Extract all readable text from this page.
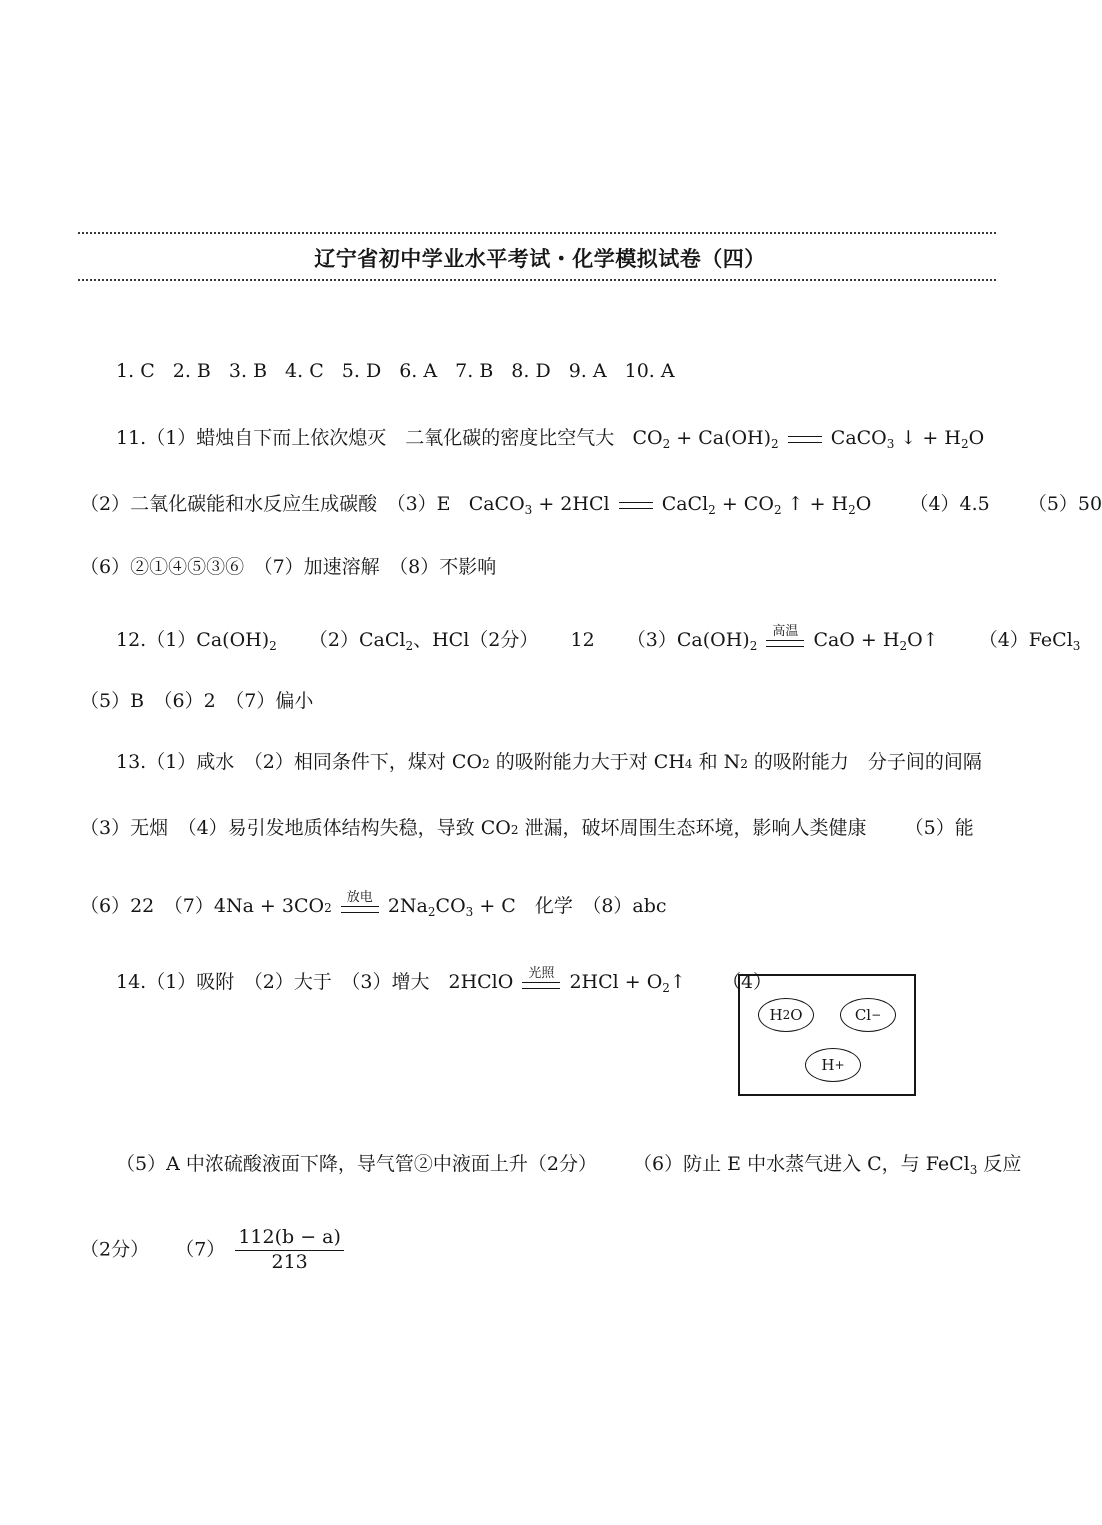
辽宁省初中学业水平考试・化学模拟试卷（四）
1. C 2. B 3. B 4. C 5. D 6. A 7. B 8. D 9. A 10. A
11.（1）蜡烛自下而上依次熄灭　二氧化碳的密度比空气大 $CO_2 + Ca(OH)_2$	CaCO$_3$ ↓ + $H_2O$
（2）二氧化碳能和水反应生成碳酸　（3）E CaCO$_3$ + 2HCl	CaCl$_2$ + $CO_2$ ↑ + $H_2O$ （4）4.5 （5）50
（6）②①④⑤③⑥　（7）加速溶解　（8）不影响
$12.(1)Ca(OH)_2$ （2）CaCl$_2$、HCl（2分） 12 $(3)Ca(OH)_2$
高温 CaO + $H_2O↑$ （4）FeCl$_3$
（5）B　（6）2　（7）偏小
13.（1）咸水　（2）相同条件下，煤对 CO2 的吸附能力大于对 CH4 和 N2 的吸附能力　分子间的间隔
（3）无烟　（4）易引发地质体结构失稳，导致 CO2 泄漏，破坏周围生态环境，影响人类健康 （5）能
（6）22　（7）4Na + 3CO2
放电 $2Na_2CO_3 + C$　化学　（8）abc
14.（1）吸附　（2）大于　（3）增大　2HClO 光照 $2HCl + O_2↑$ （4）
H 2 O	Cl −
H +
（5）A 中浓硫酸液面下降，导气管②中液面上升（2分） （6）防止 E 中水蒸气进入 C，与 FeCl$_3$ 反应
（2分） $(7) \frac{112(b - a)}{213}$
